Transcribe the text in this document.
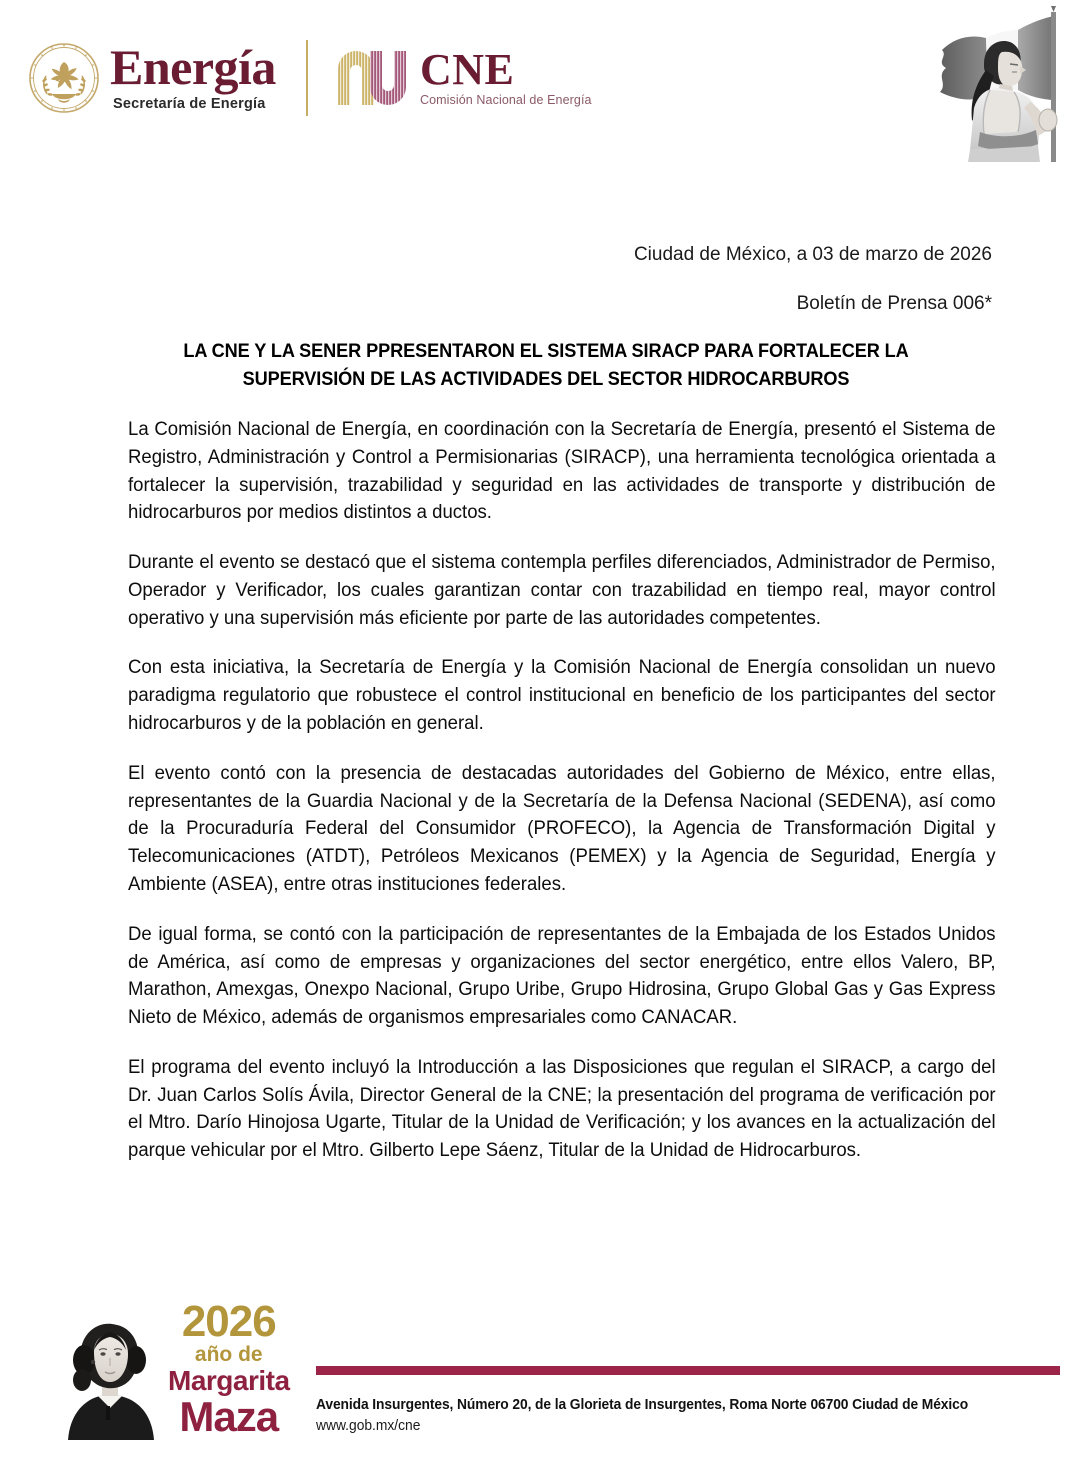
Energía
Secretaría de Energía
CNE
Comisión Nacional de Energía
Ciudad de México, a 03 de marzo de 2026
Boletín de Prensa 006*
LA CNE Y LA SENER PPRESENTARON EL SISTEMA SIRACP PARA FORTALECER LA SUPERVISIÓN DE LAS ACTIVIDADES DEL SECTOR HIDROCARBUROS

La Comisión Nacional de Energía, en coordinación con la Secretaría de Energía, presentó el Sistema de Registro, Administración y Control a Permisionarias (SIRACP), una herramienta tecnológica orientada a fortalecer la supervisión, trazabilidad y seguridad en las actividades de transporte y distribución de hidrocarburos por medios distintos a ductos.

Durante el evento se destacó que el sistema contempla perfiles diferenciados, Administrador de Permiso, Operador y Verificador, los cuales garantizan contar con trazabilidad en tiempo real, mayor control operativo y una supervisión más eficiente por parte de las autoridades competentes.

Con esta iniciativa, la Secretaría de Energía y la Comisión Nacional de Energía consolidan un nuevo paradigma regulatorio que robustece el control institucional en beneficio de los participantes del sector hidrocarburos y de la población en general.

El evento contó con la presencia de destacadas autoridades del Gobierno de México, entre ellas, representantes de la Guardia Nacional y de la Secretaría de la Defensa Nacional (SEDENA), así como de la Procuraduría Federal del Consumidor (PROFECO), la Agencia de Transformación Digital y Telecomunicaciones (ATDT), Petróleos Mexicanos (PEMEX) y la Agencia de Seguridad, Energía y Ambiente (ASEA), entre otras instituciones federales.

De igual forma, se contó con la participación de representantes de la Embajada de los Estados Unidos de América, así como de empresas y organizaciones del sector energético, entre ellos Valero, BP, Marathon, Amexgas, Onexpo Nacional, Grupo Uribe, Grupo Hidrosina, Grupo Global Gas y Gas Express Nieto de México, además de organismos empresariales como CANACAR.

El programa del evento incluyó la Introducción a las Disposiciones que regulan el SIRACP, a cargo del Dr. Juan Carlos Solís Ávila, Director General de la CNE; la presentación del programa de verificación por el Mtro. Darío Hinojosa Ugarte, Titular de la Unidad de Verificación; y los avances en la actualización del parque vehicular por el Mtro. Gilberto Lepe Sáenz, Titular de la Unidad de Hidrocarburos.

2026
año de
Margarita
Maza	Avenida Insurgentes, Número 20, de la Glorieta de Insurgentes, Roma Norte 06700 Ciudad de México
www.gob.mx/cne
